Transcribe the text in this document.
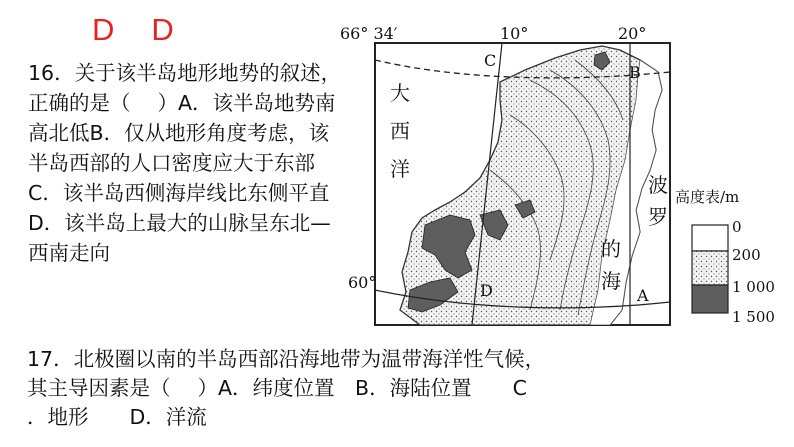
D D
16．关于该半岛地形地势的叙述，正确的是（　 ）A．该半岛地势南高北低B．仅从地形角度考虑，该半岛西部的人口密度应大于东部C．该半岛西侧海岸线比东侧平直D．该半岛上最大的山脉呈东北—西南走向
17．北极圈以南的半岛西部沿海地带为温带海洋性气候，
其主导因素是（　 ）A．纬度位置　B．海陆位置　　C
．地形　　D．洋流
66° 34′
60°
10°	20°
C
B
D	A
大
西
洋
波
罗
的
海
高度表/m
0
200
1 000
1 500
